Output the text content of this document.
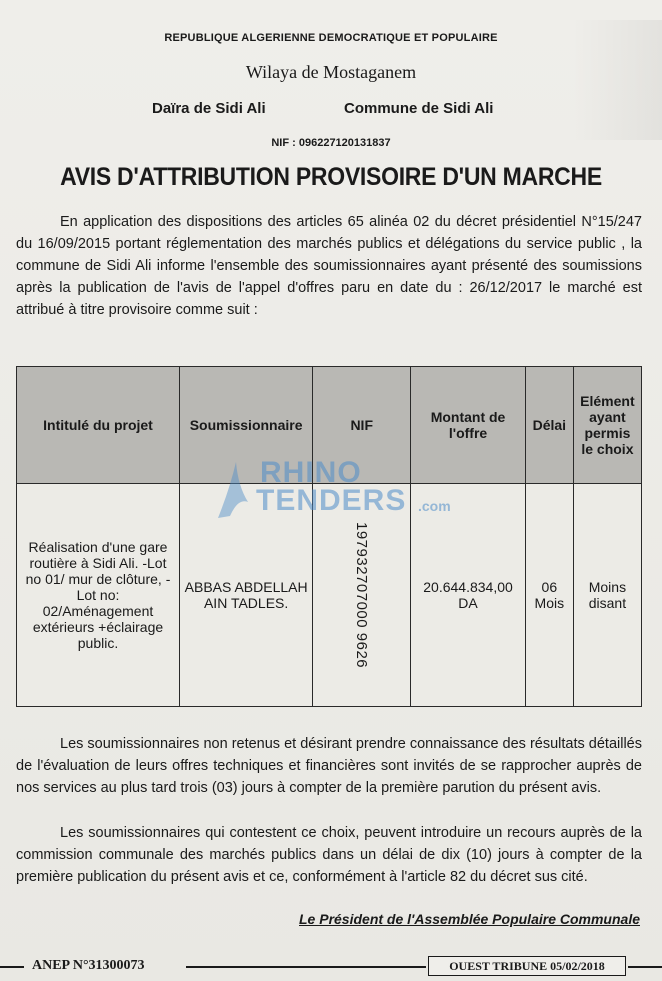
REPUBLIQUE ALGERIENNE DEMOCRATIQUE ET POPULAIRE
Wilaya de Mostaganem
Daïra de Sidi Ali	Commune de Sidi Ali
NIF : 096227120131837
AVIS D'ATTRIBUTION PROVISOIRE D'UN MARCHE
En application des dispositions des articles 65 alinéa 02 du décret présidentiel N°15/247 du 16/09/2015 portant réglementation des marchés publics et délégations du service public , la commune de Sidi Ali informe l'ensemble des soumissionnaires ayant présenté des soumissions après la publication de l'avis de l'appel d'offres paru en date du : 26/12/2017 le marché est attribué à titre provisoire comme suit :
Intitulé du projet	Soumissionnaire	NIF	Montant de l'offre	Délai	Elément ayant permis le choix
Réalisation d'une gare routière à Sidi Ali. -Lot no 01/ mur de clôture, -Lot no: 02/Aménagement extérieurs +éclairage public.	ABBAS ABDELLAH AIN TADLES.	197932707000 9626	20.644.834,00 DA	06 Mois	Moins disant
RHINO
TENDERS .com
Les soumissionnaires non retenus et désirant prendre connaissance des résultats détaillés de l'évaluation de leurs offres techniques et financières sont invités de se rapprocher auprès de nos services au plus tard trois (03) jours à compter de la première parution du présent avis.
Les soumissionnaires qui contestent ce choix, peuvent introduire un recours auprès de la commission communale des marchés publics dans un délai de dix (10) jours à compter de la première publication du présent avis et ce, conformément à l'article 82 du décret sus cité.
Le Président de l'Assemblée Populaire Communale
ANEP N°31300073	OUEST TRIBUNE 05/02/2018
